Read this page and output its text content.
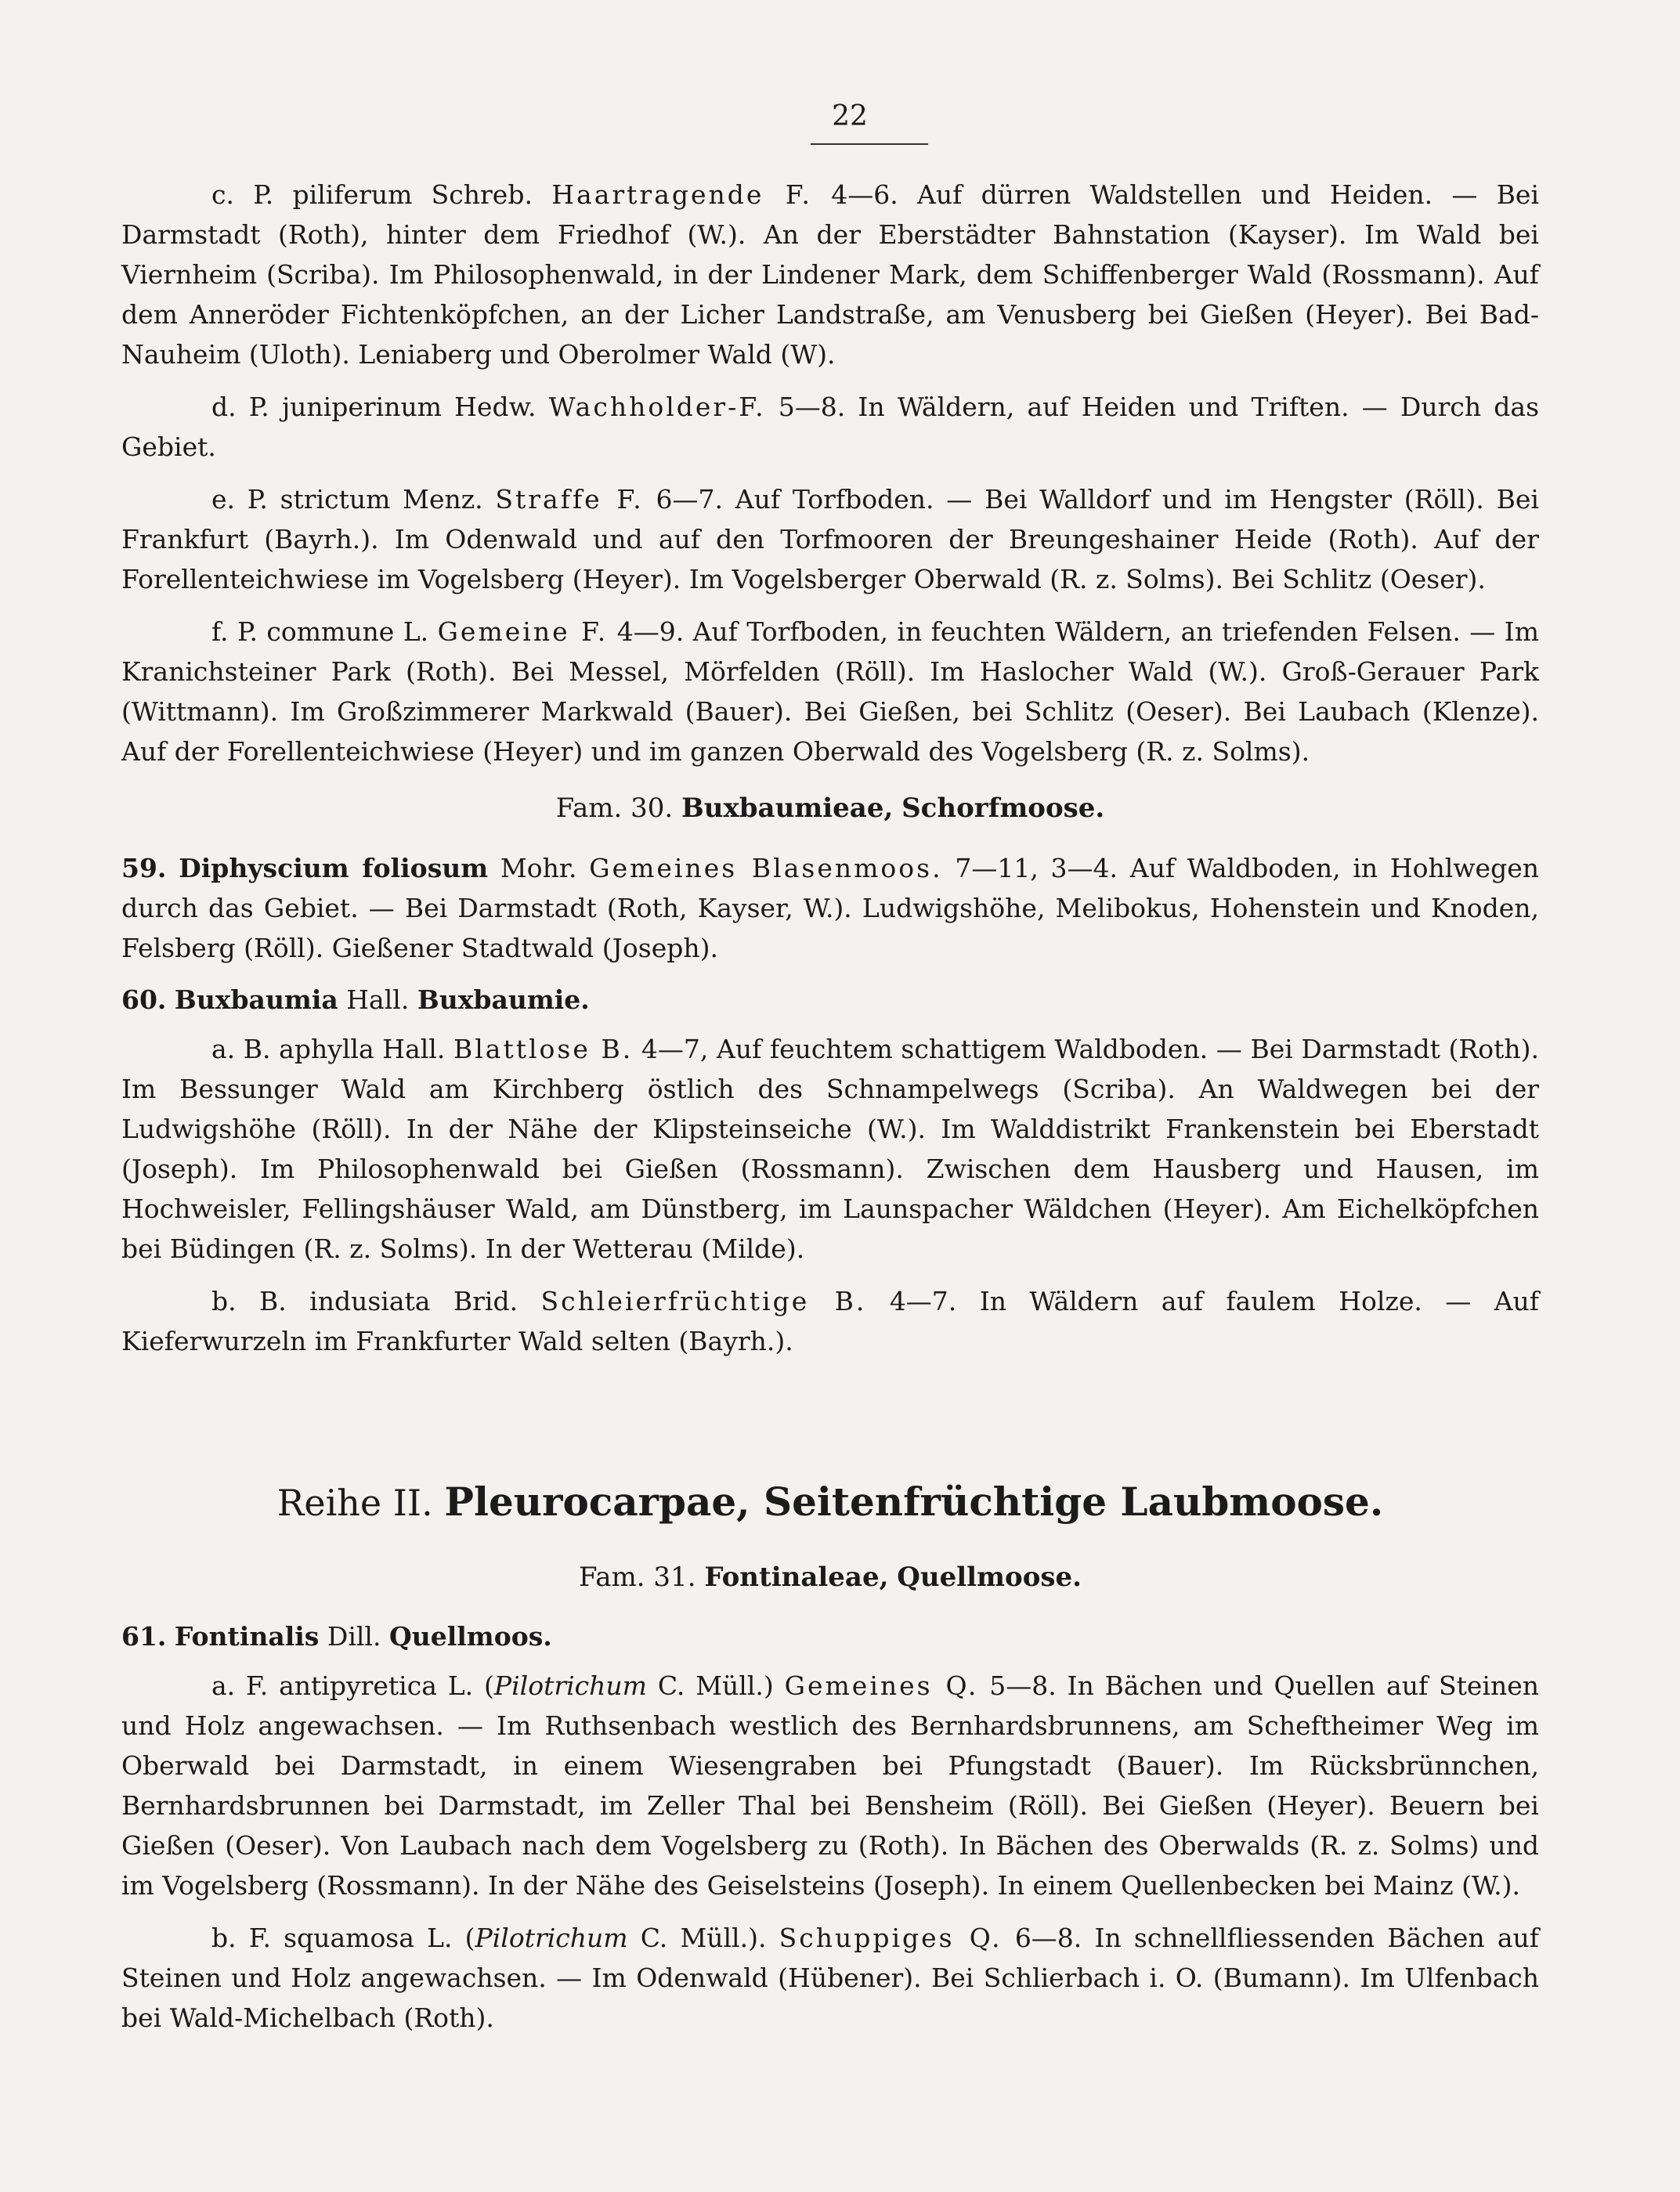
22

c. P. piliferum Schreb. Haartragende F. 4—6. Auf dürren Waldstellen und Heiden. — Bei Darmstadt (Roth), hinter dem Friedhof (W.). An der Eberstädter Bahnstation (Kayser). Im Wald bei Viernheim (Scriba). Im Philosophenwald, in der Lindener Mark, dem Schiffenberger Wald (Rossmann). Auf dem Anneröder Fichtenköpfchen, an der Licher Landstraße, am Venusberg bei Gießen (Heyer). Bei Bad-Nauheim (Uloth). Leniaberg und Oberolmer Wald (W).

d. P. juniperinum Hedw. Wachholder-F. 5—8. In Wäldern, auf Heiden und Triften. — Durch das Gebiet.

e. P. strictum Menz. Straffe F. 6—7. Auf Torfboden. — Bei Walldorf und im Hengster (Röll). Bei Frankfurt (Bayrh.). Im Odenwald und auf den Torfmooren der Breungeshainer Heide (Roth). Auf der Forellenteichwiese im Vogelsberg (Heyer). Im Vogelsberger Oberwald (R. z. Solms). Bei Schlitz (Oeser).

f. P. commune L. Gemeine F. 4—9. Auf Torfboden, in feuchten Wäldern, an triefenden Felsen. — Im Kranichsteiner Park (Roth). Bei Messel, Mörfelden (Röll). Im Haslocher Wald (W.). Groß-Gerauer Park (Wittmann). Im Großzimmerer Markwald (Bauer). Bei Gießen, bei Schlitz (Oeser). Bei Laubach (Klenze). Auf der Forellenteichwiese (Heyer) und im ganzen Oberwald des Vogelsberg (R. z. Solms).

Fam. 30. Buxbaumieae, Schorfmoose.

59. Diphyscium foliosum Mohr. Gemeines Blasenmoos. 7—11, 3—4. Auf Waldboden, in Hohlwegen durch das Gebiet. — Bei Darmstadt (Roth, Kayser, W.). Ludwigshöhe, Melibokus, Hohenstein und Knoden, Felsberg (Röll). Gießener Stadtwald (Joseph).

60. Buxbaumia Hall. Buxbaumie.

a. B. aphylla Hall. Blattlose B. 4—7, Auf feuchtem schattigem Waldboden. — Bei Darmstadt (Roth). Im Bessunger Wald am Kirchberg östlich des Schnampelwegs (Scriba). An Waldwegen bei der Ludwigshöhe (Röll). In der Nähe der Klipsteinseiche (W.). Im Walddistrikt Frankenstein bei Eberstadt (Joseph). Im Philosophenwald bei Gießen (Rossmann). Zwischen dem Hausberg und Hausen, im Hochweisler, Fellingshäuser Wald, am Dünstberg, im Launspacher Wäldchen (Heyer). Am Eichelköpfchen bei Büdingen (R. z. Solms). In der Wetterau (Milde).

b. B. indusiata Brid. Schleierfrüchtige B. 4—7. In Wäldern auf faulem Holze. — Auf Kieferwurzeln im Frankfurter Wald selten (Bayrh.).

Reihe II. Pleurocarpae, Seitenfrüchtige Laubmoose.
Fam. 31. Fontinaleae, Quellmoose.
61. Fontinalis Dill. Quellmoos.

a. F. antipyretica L. (Pilotrichum C. Müll.) Gemeines Q. 5—8. In Bächen und Quellen auf Steinen und Holz angewachsen. — Im Ruthsenbach westlich des Bernhardsbrunnens, am Scheftheimer Weg im Oberwald bei Darmstadt, in einem Wiesengraben bei Pfungstadt (Bauer). Im Rücksbrünnchen, Bernhardsbrunnen bei Darmstadt, im Zeller Thal bei Bensheim (Röll). Bei Gießen (Heyer). Beuern bei Gießen (Oeser). Von Laubach nach dem Vogelsberg zu (Roth). In Bächen des Oberwalds (R. z. Solms) und im Vogelsberg (Rossmann). In der Nähe des Geiselsteins (Joseph). In einem Quellenbecken bei Mainz (W.).

b. F. squamosa L. (Pilotrichum C. Müll.). Schuppiges Q. 6—8. In schnellfliessenden Bächen auf Steinen und Holz angewachsen. — Im Odenwald (Hübener). Bei Schlierbach i. O. (Bumann). Im Ulfenbach bei Wald-Michelbach (Roth).
